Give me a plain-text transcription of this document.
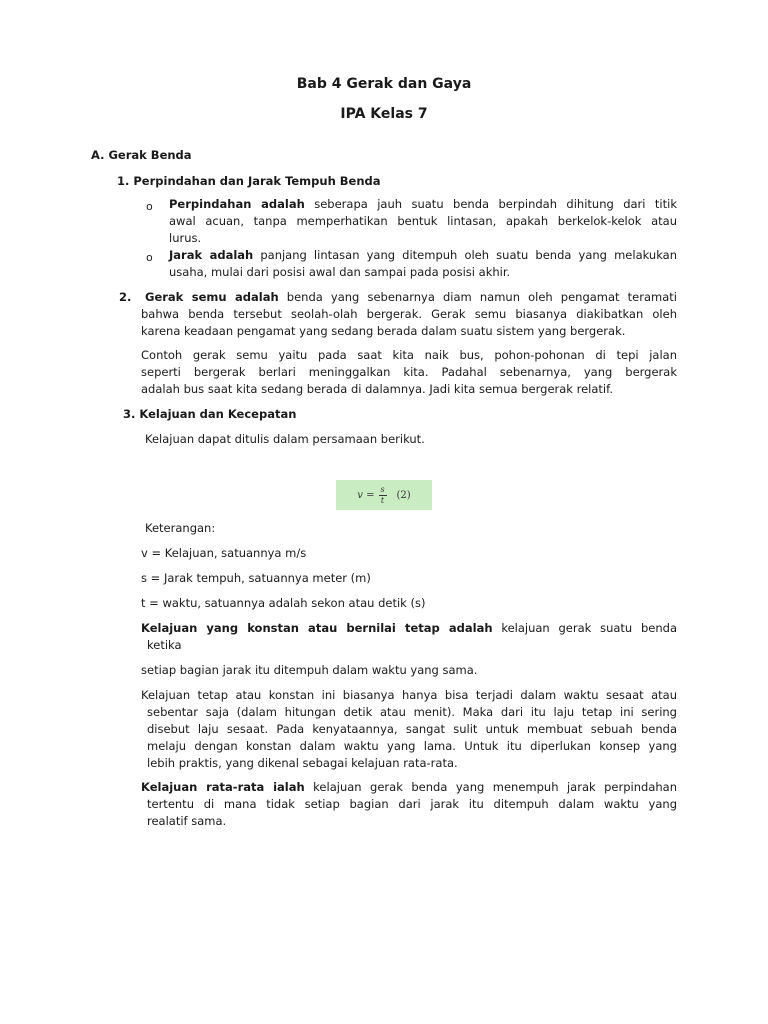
Bab 4 Gerak dan Gaya
IPA Kelas 7
A. Gerak Benda
1. Perpindahan dan Jarak Tempuh Benda
o Perpindahan adalah seberapa jauh suatu benda berpindah dihitung dari titik
awal acuan, tanpa memperhatikan bentuk lintasan, apakah berkelok-kelok atau
lurus.
o Jarak adalah panjang lintasan yang ditempuh oleh suatu benda yang melakukan
usaha, mulai dari posisi awal dan sampai pada posisi akhir.
2. Gerak semu adalah benda yang sebenarnya diam namun oleh pengamat teramati
bahwa benda tersebut seolah-olah bergerak. Gerak semu biasanya diakibatkan oleh
karena keadaan pengamat yang sedang berada dalam suatu sistem yang bergerak.
Contoh gerak semu yaitu pada saat kita naik bus, pohon-pohonan di tepi jalan
seperti bergerak berlari meninggalkan kita. Padahal sebenarnya, yang bergerak
adalah bus saat kita sedang berada di dalamnya. Jadi kita semua bergerak relatif.
3. Kelajuan dan Kecepatan
Kelajuan dapat ditulis dalam persamaan berikut.
$v = \frac{s}{t} (2)$
Keterangan:
v = Kelajuan, satuannya m/s
s = Jarak tempuh, satuannya meter (m)
t = waktu, satuannya adalah sekon atau detik (s)
Kelajuan yang konstan atau bernilai tetap adalah kelajuan gerak suatu benda
ketika
setiap bagian jarak itu ditempuh dalam waktu yang sama.
Kelajuan tetap atau konstan ini biasanya hanya bisa terjadi dalam waktu sesaat atau
sebentar saja (dalam hitungan detik atau menit). Maka dari itu laju tetap ini sering
disebut laju sesaat. Pada kenyataannya, sangat sulit untuk membuat sebuah benda
melaju dengan konstan dalam waktu yang lama. Untuk itu diperlukan konsep yang
lebih praktis, yang dikenal sebagai kelajuan rata-rata.
Kelajuan rata-rata ialah kelajuan gerak benda yang menempuh jarak perpindahan
tertentu di mana tidak setiap bagian dari jarak itu ditempuh dalam waktu yang
realatif sama.
